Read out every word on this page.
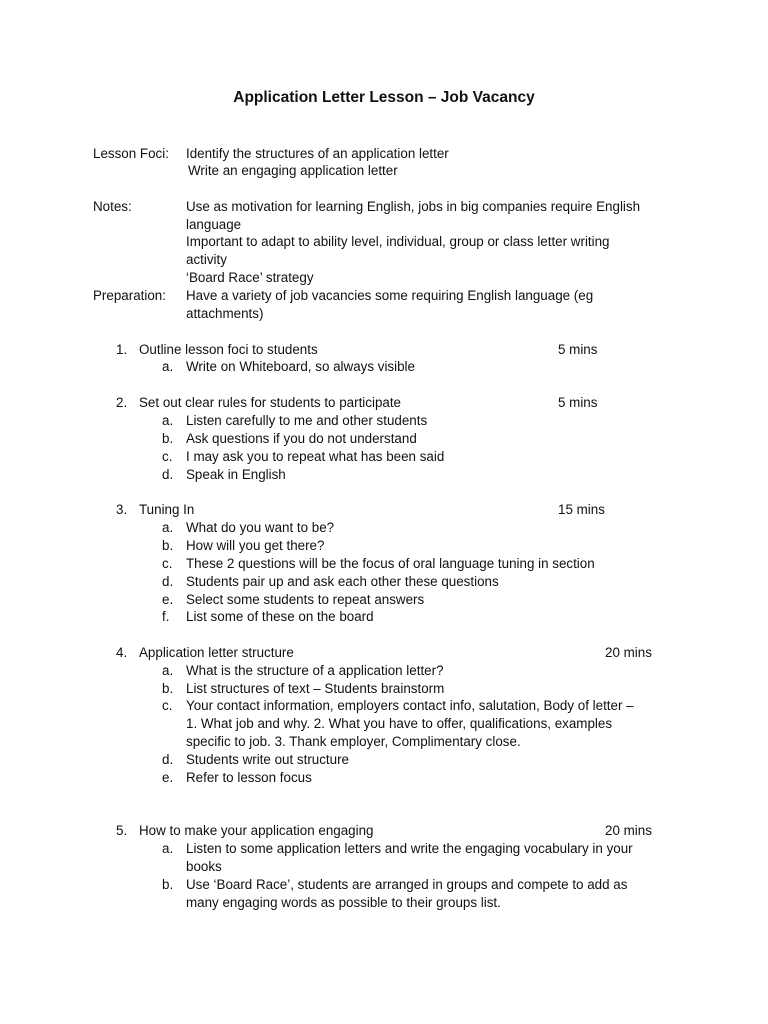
Application Letter Lesson – Job Vacancy
Lesson Foci: Identify the structures of an application letter
Write an engaging application letter
Notes:	Use as motivation for learning English, jobs in big companies require English
language
Important to adapt to ability level, individual, group or class letter writing
activity
‘Board Race’ strategy
Preparation: Have a variety of job vacancies some requiring English language (eg
attachments)
1. Outline lesson foci to students	5 mins
a. Write on Whiteboard, so always visible
2. Set out clear rules for students to participate	5 mins
a. Listen carefully to me and other students
b. Ask questions if you do not understand
c. I may ask you to repeat what has been said
d. Speak in English
3. Tuning In	15 mins
a. What do you want to be?
b. How will you get there?
c. These 2 questions will be the focus of oral language tuning in section
d. Students pair up and ask each other these questions
e. Select some students to repeat answers
f. List some of these on the board
4. Application letter structure	20 mins
a. What is the structure of a application letter?
b. List structures of text – Students brainstorm
c. Your contact information, employers contact info, salutation, Body of letter –
1. What job and why. 2. What you have to offer, qualifications, examples
specific to job. 3. Thank employer, Complimentary close.
d. Students write out structure
e. Refer to lesson focus
5. How to make your application engaging	20 mins
a. Listen to some application letters and write the engaging vocabulary in your
books
b. Use ‘Board Race’, students are arranged in groups and compete to add as
many engaging words as possible to their groups list.
